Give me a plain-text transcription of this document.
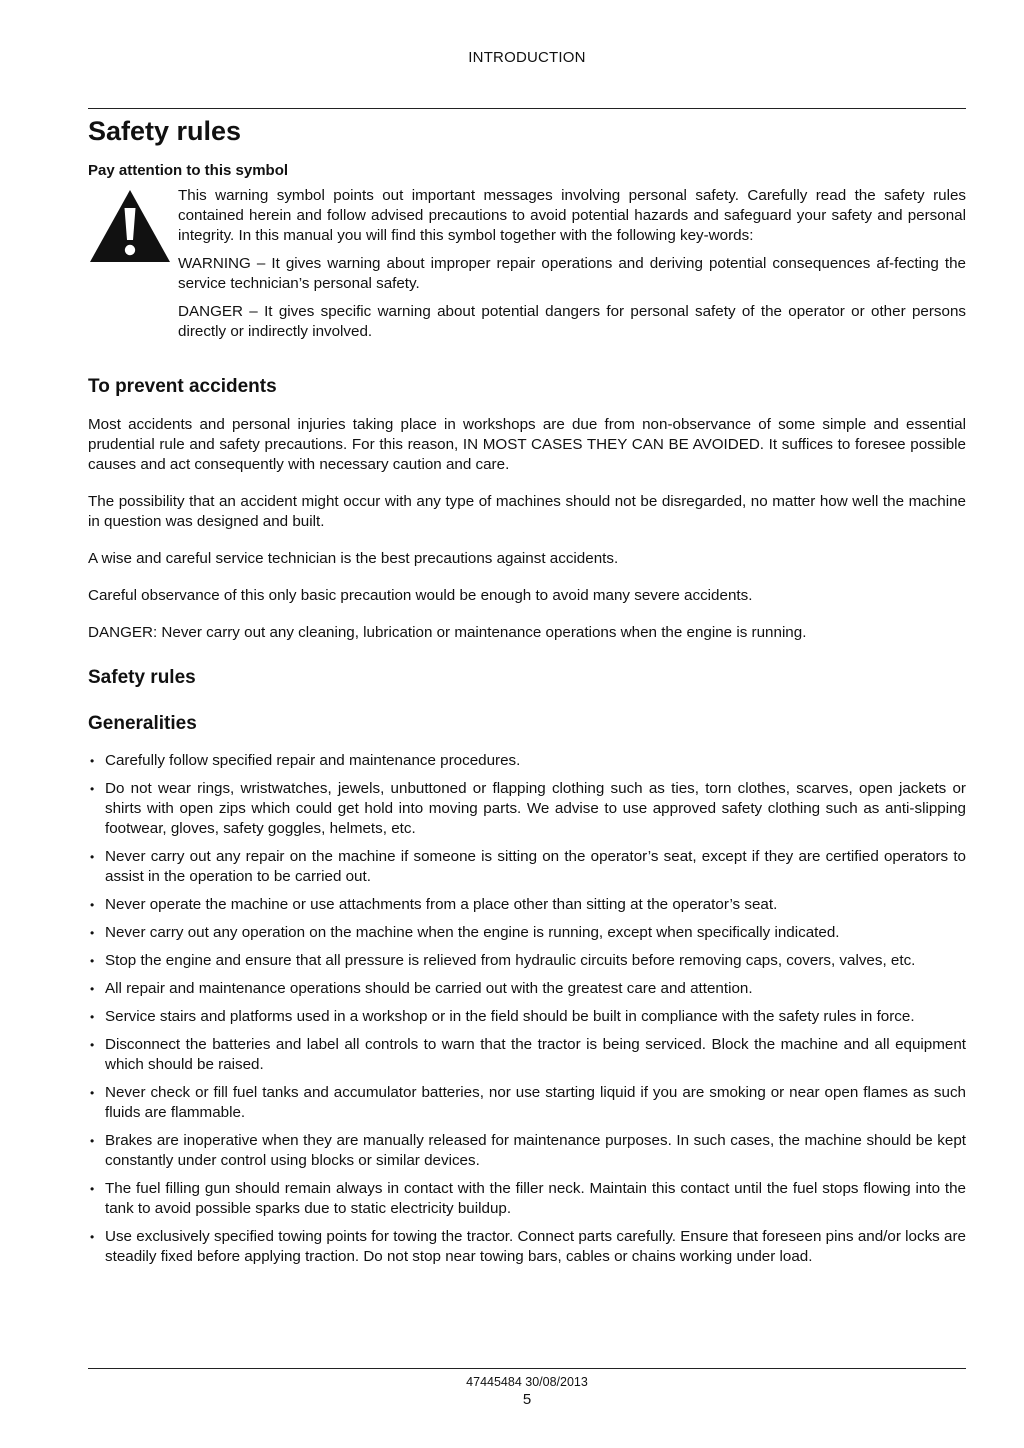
INTRODUCTION
Safety rules
Pay attention to this symbol

This warning symbol points out important messages involving personal safety. Carefully read the safety rules contained herein and follow advised precautions to avoid potential hazards and safeguard your safety and personal integrity. In this manual you will find this symbol together with the following key-words:

WARNING – It gives warning about improper repair operations and deriving potential consequences af-fecting the service technician’s personal safety.

DANGER – It gives specific warning about potential dangers for personal safety of the operator or other persons directly or indirectly involved.

To prevent accidents

Most accidents and personal injuries taking place in workshops are due from non-observance of some simple and essential prudential rule and safety precautions. For this reason, IN MOST CASES THEY CAN BE AVOIDED. It suffices to foresee possible causes and act consequently with necessary caution and care.

The possibility that an accident might occur with any type of machines should not be disregarded, no matter how well the machine in question was designed and built.

A wise and careful service technician is the best precautions against accidents.

Careful observance of this only basic precaution would be enough to avoid many severe accidents.

DANGER: Never carry out any cleaning, lubrication or maintenance operations when the engine is running.

Safety rules
Generalities
• Carefully follow specified repair and maintenance procedures.
• Do not wear rings, wristwatches, jewels, unbuttoned or flapping clothing such as ties, torn clothes, scarves, open jackets or shirts with open zips which could get hold into moving parts. We advise to use approved safety clothing such as anti-slipping footwear, gloves, safety goggles, helmets, etc.
• Never carry out any repair on the machine if someone is sitting on the operator’s seat, except if they are certified operators to assist in the operation to be carried out.
• Never operate the machine or use attachments from a place other than sitting at the operator’s seat.
• Never carry out any operation on the machine when the engine is running, except when specifically indicated.
• Stop the engine and ensure that all pressure is relieved from hydraulic circuits before removing caps, covers, valves, etc.
• All repair and maintenance operations should be carried out with the greatest care and attention.
• Service stairs and platforms used in a workshop or in the field should be built in compliance with the safety rules in force.
• Disconnect the batteries and label all controls to warn that the tractor is being serviced. Block the machine and all equipment which should be raised.
• Never check or fill fuel tanks and accumulator batteries, nor use starting liquid if you are smoking or near open flames as such fluids are flammable.
• Brakes are inoperative when they are manually released for maintenance purposes. In such cases, the machine should be kept constantly under control using blocks or similar devices.
• The fuel filling gun should remain always in contact with the filler neck. Maintain this contact until the fuel stops flowing into the tank to avoid possible sparks due to static electricity buildup.
• Use exclusively specified towing points for towing the tractor. Connect parts carefully. Ensure that foreseen pins and/or locks are steadily fixed before applying traction. Do not stop near towing bars, cables or chains working under load.
47445484 30/08/2013
5
